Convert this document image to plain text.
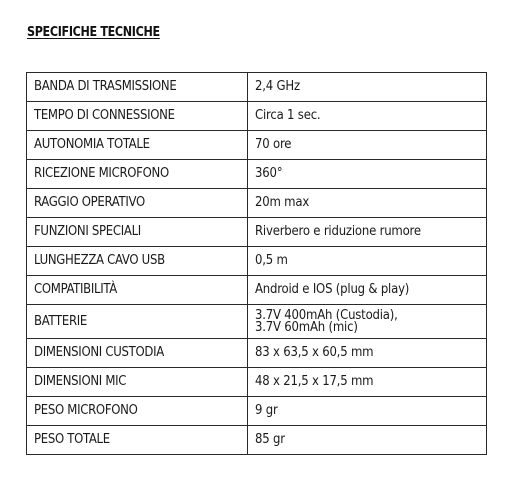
SPECIFICHE TECNICHE
BANDA DI TRASMISSIONE	2,4 GHz
TEMPO DI CONNESSIONE	Circa 1 sec.
AUTONOMIA TOTALE	70 ore
RICEZIONE MICROFONO	360°
RAGGIO OPERATIVO	20m max
FUNZIONI SPECIALI	Riverbero e riduzione rumore
LUNGHEZZA CAVO USB	0,5 m
COMPATIBILITÀ	Android e IOS (plug & play)
BATTERIE	3.7V 400mAh (Custodia),
3.7V 60mAh (mic)
DIMENSIONI CUSTODIA	83 x 63,5 x 60,5 mm
DIMENSIONI MIC	48 x 21,5 x 17,5 mm
PESO MICROFONO	9 gr
PESO TOTALE	85 gr
